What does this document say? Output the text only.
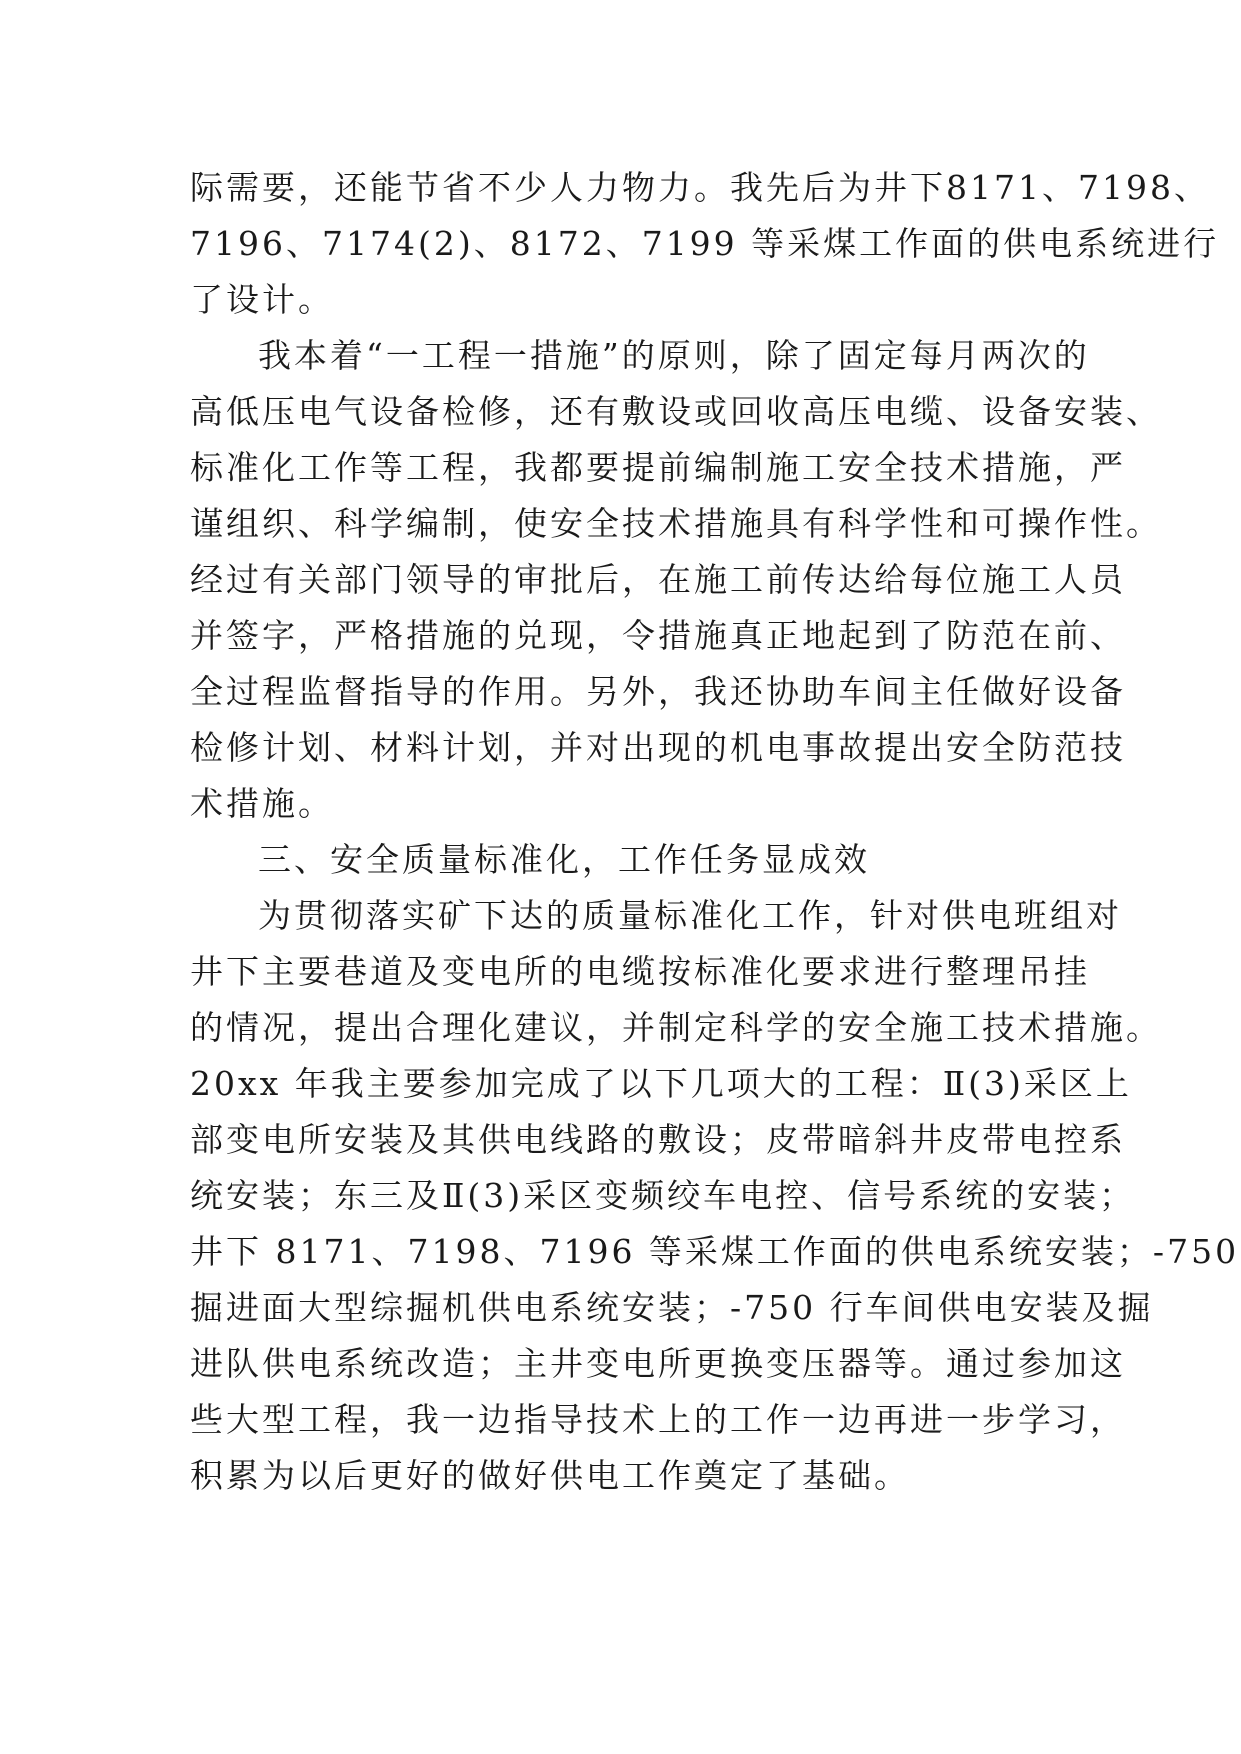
际需要，还能节省不少人力物力。我先后为井下8171、7198、
7196、7174(2)、8172、7199 等采煤工作面的供电系统进行
了设计。
我本着“一工程一措施”的原则，除了固定每月两次的
高低压电气设备检修，还有敷设或回收高压电缆、设备安装、
标准化工作等工程，我都要提前编制施工安全技术措施，严
谨组织、科学编制，使安全技术措施具有科学性和可操作性。
经过有关部门领导的审批后，在施工前传达给每位施工人员
并签字，严格措施的兑现，令措施真正地起到了防范在前、
全过程监督指导的作用。另外，我还协助车间主任做好设备
检修计划、材料计划，并对出现的机电事故提出安全防范技
术措施。
三、安全质量标准化，工作任务显成效
为贯彻落实矿下达的质量标准化工作，针对供电班组对
井下主要巷道及变电所的电缆按标准化要求进行整理吊挂
的情况，提出合理化建议，并制定科学的安全施工技术措施。
20xx 年我主要参加完成了以下几项大的工程：Ⅱ(3)采区上
部变电所安装及其供电线路的敷设；皮带暗斜井皮带电控系
统安装；东三及Ⅱ(3)采区变频绞车电控、信号系统的安装；
井下 8171、7198、7196 等采煤工作面的供电系统安装；-750
掘进面大型综掘机供电系统安装；-750 行车间供电安装及掘
进队供电系统改造；主井变电所更换变压器等。通过参加这
些大型工程，我一边指导技术上的工作一边再进一步学习，
积累为以后更好的做好供电工作奠定了基础。
